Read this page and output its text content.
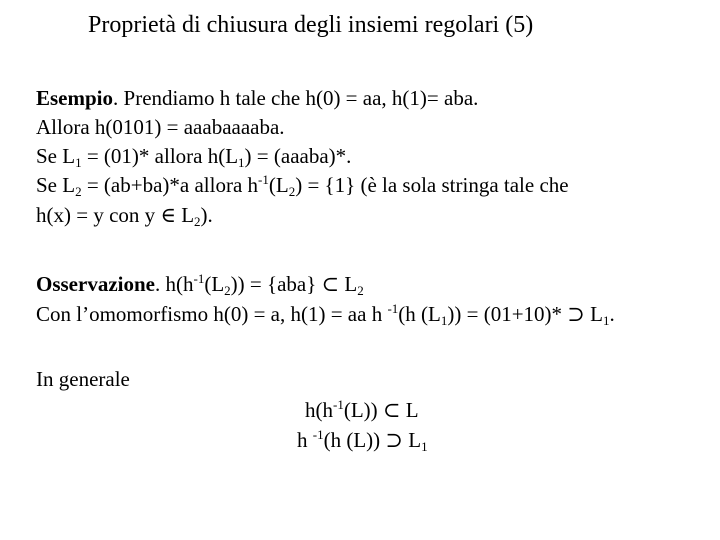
Proprietà di chiusura degli insiemi regolari (5)
Esempio. Prendiamo h tale che h(0) = aa, h(1)= aba.
Allora h(0101) = aaabaaaaba.
Se $L_1 = (01)*$ allora $h(L_1)$ = (aaaba)*.
Se $L_2 = (ab+ba)*a$ allora $h^{-1}(L_2) = \{1\}$ (è la sola stringa tale che
h(x) = y con y ∈ $L_2$).
Osservazione. $h(h^{-1}(L_2)) = \{aba\}$ ⊂ $L_2$
Con l’omomorfismo h(0) = a, h(1) = aa h $^{-1}$(h $(L_1)) = (01+10)*$ ⊃ $L_1$.
In generale
$h(h^{-1}(L))$ ⊂ L
h $^{-1}$(h (L)) ⊃ $L_1$
